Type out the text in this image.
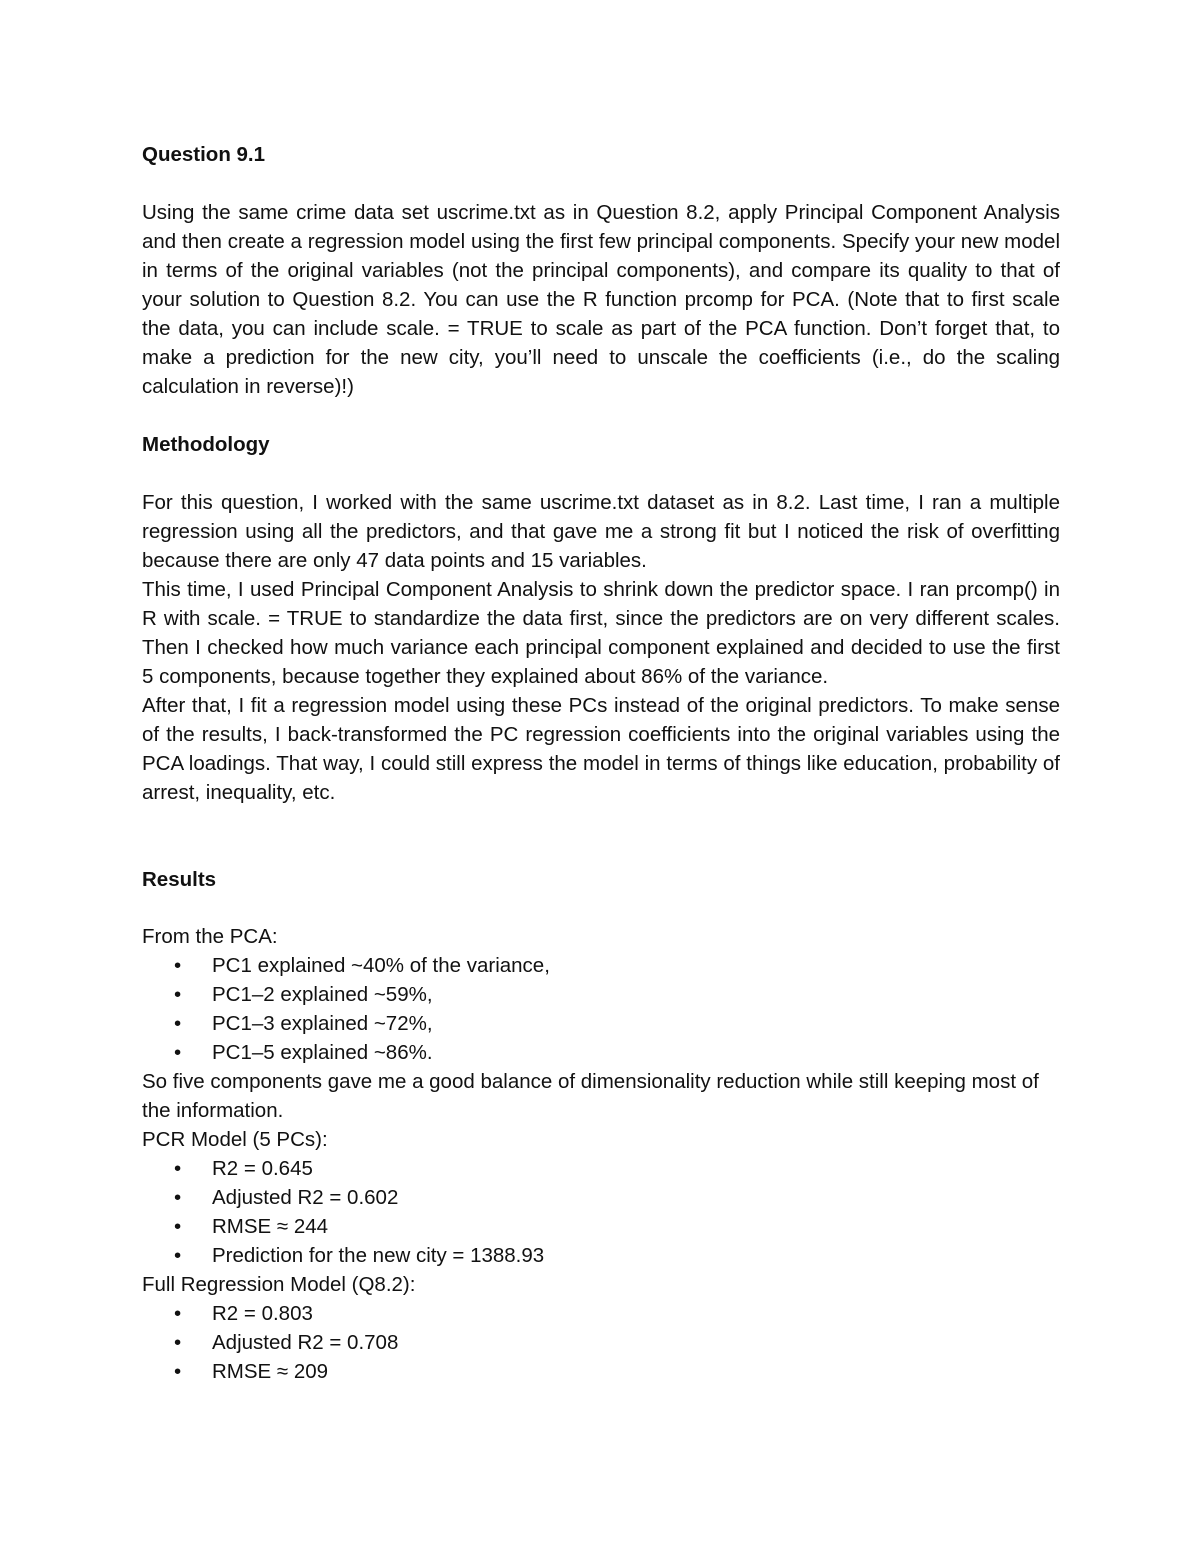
Question 9.1

Using the same crime data set uscrime.txt as in Question 8.2, apply Principal Component Analysis and then create a regression model using the first few principal components. Specify your new model in terms of the original variables (not the principal components), and compare its quality to that of your solution to Question 8.2. You can use the R function prcomp for PCA. (Note that to first scale the data, you can include scale. = TRUE to scale as part of the PCA function. Don’t forget that, to make a prediction for the new city, you’ll need to unscale the coefficients (i.e., do the scaling calculation in reverse)!)

Methodology

For this question, I worked with the same uscrime.txt dataset as in 8.2. Last time, I ran a multiple regression using all the predictors, and that gave me a strong fit but I noticed the risk of overfitting because there are only 47 data points and 15 variables.

This time, I used Principal Component Analysis to shrink down the predictor space. I ran prcomp() in R with scale. = TRUE to standardize the data first, since the predictors are on very different scales. Then I checked how much variance each principal component explained and decided to use the first 5 components, because together they explained about 86% of the variance.

After that, I fit a regression model using these PCs instead of the original predictors. To make sense of the results, I back-transformed the PC regression coefficients into the original variables using the PCA loadings. That way, I could still express the model in terms of things like education, probability of arrest, inequality, etc.

Results

From the PCA:

• PC1 explained ~40% of the variance,
• PC1–2 explained ~59%,
• PC1–3 explained ~72%,
• PC1–5 explained ~86%.

So five components gave me a good balance of dimensionality reduction while still keeping most of the information.

PCR Model (5 PCs):

• R2 = 0.645
• Adjusted R2 = 0.602
• RMSE ≈ 244
• Prediction for the new city = 1388.93

Full Regression Model (Q8.2):

• R2 = 0.803
• Adjusted R2 = 0.708
• RMSE ≈ 209
